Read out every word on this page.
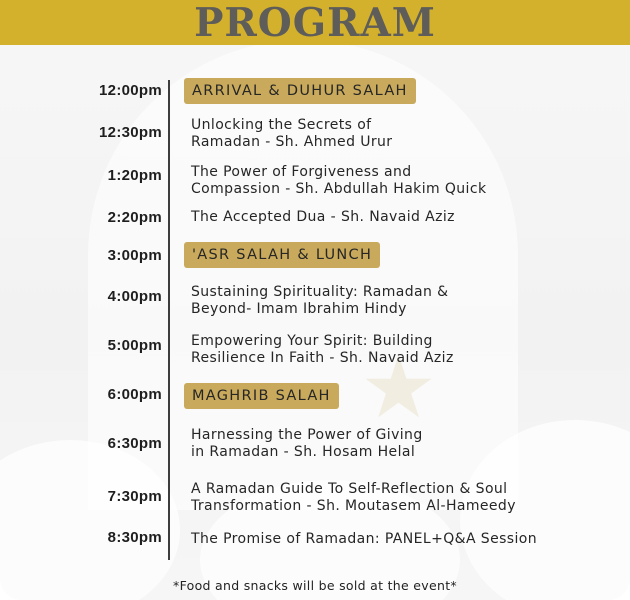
★
PROGRAM
12:00pm	ARRIVAL & DUHUR SALAH
12:30pm Unlocking the Secrets of
Ramadan - Sh. Ahmed Urur
1:20pm The Power of Forgiveness and
Compassion - Sh. Abdullah Hakim Quick
2:20pm The Accepted Dua - Sh. Navaid Aziz
3:00pm	'ASR SALAH & LUNCH
4:00pm Sustaining Spirituality: Ramadan &
Beyond- Imam Ibrahim Hindy
5:00pm Empowering Your Spirit: Building
Resilience In Faith - Sh. Navaid Aziz
6:00pm	MAGHRIB SALAH
6:30pm Harnessing the Power of Giving
in Ramadan - Sh. Hosam Helal
7:30pm A Ramadan Guide To Self-Reflection & Soul
Transformation - Sh. Moutasem Al-Hameedy
8:30pm The Promise of Ramadan: PANEL+Q&A Session
*Food and snacks will be sold at the event*
